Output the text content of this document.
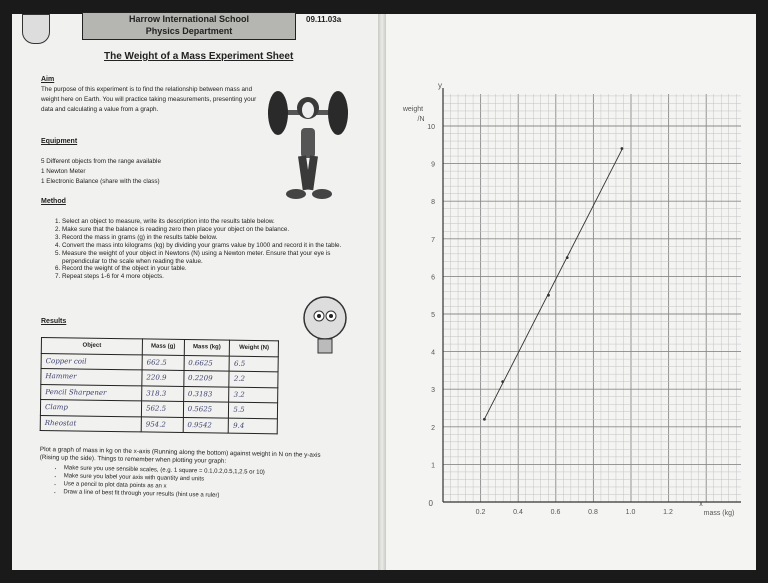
Harrow International School
Physics Department
09.11.03a
The Weight of a Mass Experiment Sheet
Aim
The purpose of this experiment is to find the relationship between mass and weight here on Earth. You will practice taking measurements, presenting your data and calculating a value from a graph.
Equipment
5 Different objects from the range available
1 Newton Meter
1 Electronic Balance (share with the class)
Method
1. Select an object to measure, write its description into the results table below.
2. Make sure that the balance is reading zero then place your object on the balance.
3. Record the mass in grams (g) in the results table below.
4. Convert the mass into kilograms (kg) by dividing your grams value by 1000 and record it in the table.
5. Measure the weight of your object in Newtons (N) using a Newton meter. Ensure that your eye is perpendicular to the scale when reading the value.
6. Record the weight of the object in your table.
7. Repeat steps 1-6 for 4 more objects.
Results
Object	Mass (g)	Mass (kg)	Weight (N)
Copper coil	662.5	0.6625	6.5
Hammer	220.9	0.2209	2.2
Pencil Sharpener	318.3	0.3183	3.2
Clamp	562.5	0.5625	5.5
Rheostat	954.2	0.9542	9.4
Plot a graph of mass in kg on the x-axis (Running along the bottom) against weight in N on the y-axis (Rising up the side). Things to remember when plotting your graph:
• Make sure you use sensible scales, (e.g. 1 square = 0.1,0.2,0.5,1,2.5 or 10)
• Make sure you label your axis with quantity and units
• Use a pencil to plot data points as an x
• Draw a line of best fit through your results (hint use a ruler)
0.2	0.4	0.6	0.8	1.0	1.2
1
2
3
4
5
6
7
8
9
10
0
y
x
weight
/N
mass (kg)
